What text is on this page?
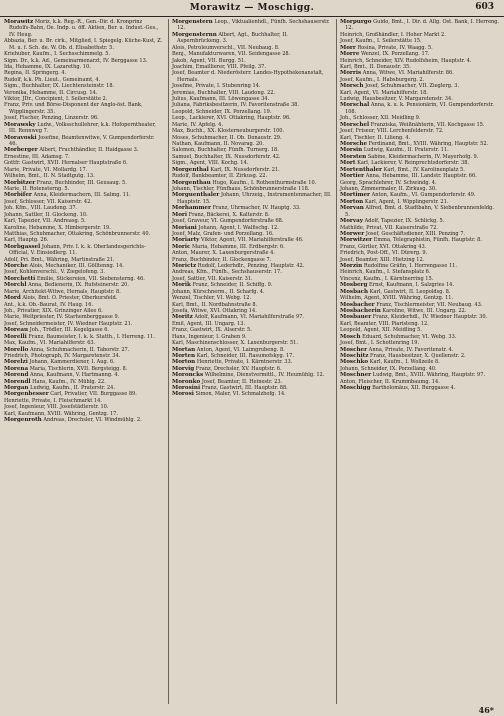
Morawitz — Moschigg.	603

Morawitz Moriz, k.k. Reg.-R., Gen.-Dir. d. Kronprinz Rudolfs-Bahn, Oe. Indp. u. öff. Aktien, Ber. u. Indust.-Ges., IV. Heug.

Abbazia, Ber. u. Br. cirk., Mitglied, I. Spiegelg. Küche-Kust, Z. M. u. f. Sch. de. W. Ob. d. Elisabethstr. 5.

Kriehuber, Kaufm., I. Sechsschimmelg. 5.

Sigm. Dr., k.k. Ad., Gemeinarmenarzt, IV. Berggasse 13.

Ida, Hebamme, IX. Lazarethg. 10.

Regina, II. Springerg. 4.

Rudolf, k.k. Ph. Lieut., Gemeinamt, 4.

Sigm., Buchhalter, IX. Liechtensteinstr. 18.

Veronika, Hebamme, II. Circusg. 14.

Viktor, JDr., Concipient, I. Seilerstätte 2.

Franz, Priv. und Börse-Disponent der Anglo-öst. Bank, Wipplingerstr. 35.

Josef, Fischer, Penzing, Linzerstr. 96.

Morawsky Ludw., Volksschullehrer, k.k. Hofoperntheater, III. Rennweg 7.

Moravoski Josefine, Beamtenwitwe, V. Gumpendorferstr. 46.

Morberger Albert, Fruchthändler, II. Haidgasse 3.

Ernestine, III. Adamsg. 7.

Gottfr. Gastwirt, XVII. Hernalser Hauptstraße 6.

Marie, Private, VI. Mollardg. 17.

Wilhelm, Bmt., II. N. Stadtgutg. 13.

Morbitzer Franz, Buchbinder, III. Geusaug. 5.

Marie, II. Rotensterng. 5.

Morbifer Anna, Kleidermachern, III. Salmg. 11.

Josef, Schlosser, VII. Kaiserstr. 42.

Joh. Kfm., VIII. Laudong. 37.

Johann, Sattler, II. Glockeng. 10.

Karl, Tapezier, VII. Andreasg. 5.

Karoline, Hebamme, X. Himbergerstr. 19.

Matthias, Schuhmacher, Ottakring, Schönbrunnerstr. 40.

Karl, Hauptg. 26.

Morbgassel Johann, Priv. I. k. k. Oberlandesgerichts-Official, V. Einsiedlerg. 11.

Adolf, Pri. Bmt., Währing, Martinstraße 21.

Morche Alois, Mechaniker, III. Gölltenng. 14.

Josef, Kohlenverschl., V. Ziegelofeng. 3.

Morchetti Emilie, Stickereien, VII. Siebensterng. 46.

Morchl Anna, Bedienerin, IX. Rufsteinerstr. 20.

Marie, Architekt-Witwe, Hernals, Hauptstr. 8.

Mord Alois, Bmt. O. Priester, Oberkursfeld.

Ant., k.k. Ob.-Baurat, IV. Haug. 16.

Joh., Privatier, XIX. Grinzinger Allee 6.

Marie, Weltpriester, IV. Starhemberggasse 9.

Josef, Schneidermeister, IV. Wiedner Hauptstr. 21.

Moreau Joh., Trödler, III. Kegelgasse 6.

Morelli Franz, Baumeister, I. k. k. Statth., I. Herreng. 11.

Max, Kaufm., VI. Mariahilferstr. 63.

Morello Anna, Schuhmacherin, II. Taborstr. 27.

Friedrich, Photograph, IV. Margaretenstr. 34.

Morelzi Johann, Kammerdiener, I. Aug. 6.

Morena Maria, Tischlerin, XVII. Bergsteigg. 8.

Morend Anna, Kaufmann, V. Hartmanng. 4.

Morendl Hans, Kaufm., IV. Mühlg. 22.

Morgan Ludwig, Kaufm., II. Praterstr. 24.

Morgenbesser Carl, Privatier, VII. Burggasse 89.

Henriette, Private, I. Fleischmarkt 14.

Josef, Ingenieur, VIII. Josefstädterstr. 10.

Karl, Kaufmann, XVIII. Währing, Gentzg. 17.

Morgenroth Andreas, Drechsler, VI. Windmühlg. 2.

Morgenstern Leop., Viktualienhdl., Fünfh. Sechshauserstr. 12.

Morgensternn Albert, Agt., Buchhalter, II. Aspernbrückeng. 3.

Alois, Petroleumverschl., VII. Neubaug. 8.

Benj., Manufakturwaren, VII. Seidengasse 28.

Jakob, Agent, VII. Burgg. 51.

Joachim, Emaillierer, VIII. Pfeilg. 37.

Josef, Beamter d. Niederösterr. Landes-Hypothekenanstalt, Hernals.

Josefine, Private, I. Stubenring 14.

Jeremias, Buchhalter, VIII. Laudong. 22.

Julius, Kaufmann, III. Löwengasse 34.

Juliana, Fabriksbesitzerin, IV. Favoritenstraße 38.

Leopold, Schneider, IX. Porzellang. 19.

Leop., Lackierer, XVI. Ottakring, Hauptstr. 96.

Marie, IV. Apfelg. 4.

Max, Buchh., XX. Klosterneuburgerstr. 100.

Moses, Schuhmacher, II. Ob. Donaustr. 29.

Nathan, Kaufmann, II. Novarag. 20.

Salomon, Buchhalter, Fünfh. Turnerg. 18.

Samuel, Buchhalter, IX. Nussdorferstr. 42.

Sigm., Agent, VIII. Kochg. 14.

Morgenthal Karl, IX. Nussdorferstr. 21.

Rudolf, Bankbeamter, II. Zirkusg. 22.

Morgenthau Hugo, Kaufm., I. Rothenthurmstraße 10.

Johann, Tischler, Fünfhaus, Schönbrunnerstraße 118.

Morguenthaler Johann, Uhrzeig., Instrumentenmacher, III. Hauptstr. 15.

Morhammer Franz, Uhrmacher, IV. Hauptg. 33.

Mori Franz, Bäckerei, X. Kalterstr. 8.

Josef, Graveur, VI. Gumpendorferstraße 68.

Moriani Johann, Agent, I. Walfischg. 12.

Josef, Malz, Grafen- und Porzellang. 16.

Moriarty Viktor, Agent, VII. Mariahilferstraße 46.

Moric Maria, Hebamme, III. Erdbergstr. 6.

Anton, Maurer, X. Laxenburgerstraße 4.

Franz, Buchbinder, II. Glockengasse 7.

Morictz Rudolf, Lederhdlr., Penzing, Hauptstr. 42.

Andreas, Kfm., Fünfh., Sechshauserstr. 17.

Josef, Sattler, VII. Kaiserstr. 31.

Morik Franz, Schneider, II. Schiffg. 9.

Johann, Kürschnerm., II. Scharfg. 4.

Wenzel, Tischler, VI. Webg. 12.

Karl, Bmt., II. Nordbahnstraße 8.

Josefa, Witwe, XVI. Ottakring 14.

Moritz Adolf, Kaufmann, VI. Mariahilferstraße 97.

Emil, Agent, III. Ungarg. 13.

Franz, Gastwirt, IX. Alserstr. 5.

Hans, Ingenieur, I. Graben 9.

Karl, Maschinenschlosser, X. Laxenburgerstr. 51.

Mortan Anton, Agent, VI. Laimgrubeng. 8.

Morten Karl, Schneider, III. Rasumofskyg. 17.

Morton Henriette, Private, I. Kärntnerstr. 33.

Morvig Franz, Drechsler, XV. Hauptstr. 6.

Moroncks Wilhelmine, Dienstvermittl., IV. Heumühlg. 12.

Moronko Josef, Beamter, II. Heinestr. 23.

Morosini Franz, Gastwirt, III. Hauptstr. 88.

Morosi Simon, Maler, VI. Schmalzhofg. 14.

Morpurgo Guido, Bmt., I. Dir. d. Allg. Öst. Bank, I. Herreng. 12.

Heinrich, Großhändler, I. Hoher Markt 2.

Josef, Kaufm., I. Seilerstätte 15.

Morr Rosina, Private, IV. Waagg. 5.

Morre Wenzel, IX. Porzellang. 17.

Heinrich, Schneider, XIV. Rudolfsheim, Hauptstr. 4.

Karl, Bmt., II. Donaustr. 35.

Morris Anna, Witwe, VI. Mariahilferstr. 86.

Josef, Kaufm., I. Habsburgerg. 2.

Morsch Josef, Schuhmacher, VII. Zieglerg. 3.

Karl, Agent, VI. Mariahilferstr. 18.

Ludwig, Hausbesitzer, V. Margaretenstr. 34.

Morschal Anna, k. u. k. Pensionärin, VI. Gumpendorferstr. 108.

Joh., Schlosser, XII. Meidling 9.

Morschel Franziska, Weißnähterin, VII. Kochgasse 15.

Josef, Friseur, VIII. Lerchenfelderstr. 72.

Karl, Tischler, II. Lilieng. 4.

Morsche Ferdinand, Bmt., XVIII. Währing, Hauptstr. 52.

Morsin Ludwig, Kaufm., II. Praterstr. 11.

Morsten Sabine, Kleidermacherin, IV. Mayerhofg. 9.

Mort Karl, Lackierer, V. Reinprechtsdorferstr. 38.

Mortenthaler Karl, Bmt., IV. Karolinenplatz 5.

Mortier Anna, Hebamme, III. Landstr. Hauptstr. 66.

Georg, Sprachlehrer, IV. Schwindg. 4.

Johann, Zimmermaler, II. Zirkusg. 30.

Mortimer Anton, Kaufm., VI. Gumpendorferstr. 49.

Morton Karl, Agent, I. Wipplingerstr. 21.

Morvan Alfred, Bmt. d. Stadtbahn, V. Siebenbrunnenfeldg. 5.

Morvay Adolf, Tapezier, IX. Schlickg. 5.

Mathilde, Privat, VII. Kaiserstraße 72.

Morwer Josef, Geschäftsdiener, XIII. Penzing 7.

Morwitzer Emma, Telegraphistin, Fünfh. Hauptstr. 8.

Franz, Gürtler, XVI. Ottakring 43.

Friedrich, Post-Off., VI. Dürerg. 9.

Josef, Beamter, XIII. Hietzing 12.

Morzin Rudolfine Gräfin, I. Herrengasse 11.

Heinrich, Kaufm., I. Stefansplatz 6.

Vincenz, Kaufm., I. Kärntnerring 15.

Mosberg Ernst, Kaufmann, I. Salzgries 14.

Mosbach Karl, Gastwirt, II. Leopoldsg. 8.

Wilhelm, Agent, XVIII. Währing, Gentzg. 11.

Mosbacher Franz, Tischlermeister, VII. Neubaug. 43.

Mosbacherin Karoline, Witwe, III. Ungarg. 22.

Mosbauer Franz, Kleiderhdl., IV. Wiedner Hauptstr. 30.

Karl, Beamter, VIII. Piaristeng. 12.

Leopold, Agent, XII. Meidling 5.

Mosch Eduard, Schuhmacher, VI. Webg. 33.

Josef, Bmt., I. Schottenring 19.

Moscher Anna, Private, IV. Favoritenstr. 4.

Moschitz Franz, Hausbesitzer, X. Quellenstr. 2.

Moschko Karl, Kaufm., I. Wollzeile 8.

Johann, Schneider, IX. Porzellang. 40.

Moschner Ludwig, Bmt., XVIII. Währing, Hauptstr. 97.

Anton, Fleischer, II. Krummbaumg. 14.

Moschigg Bartholomäus, XII. Burggasse 4.

46*
